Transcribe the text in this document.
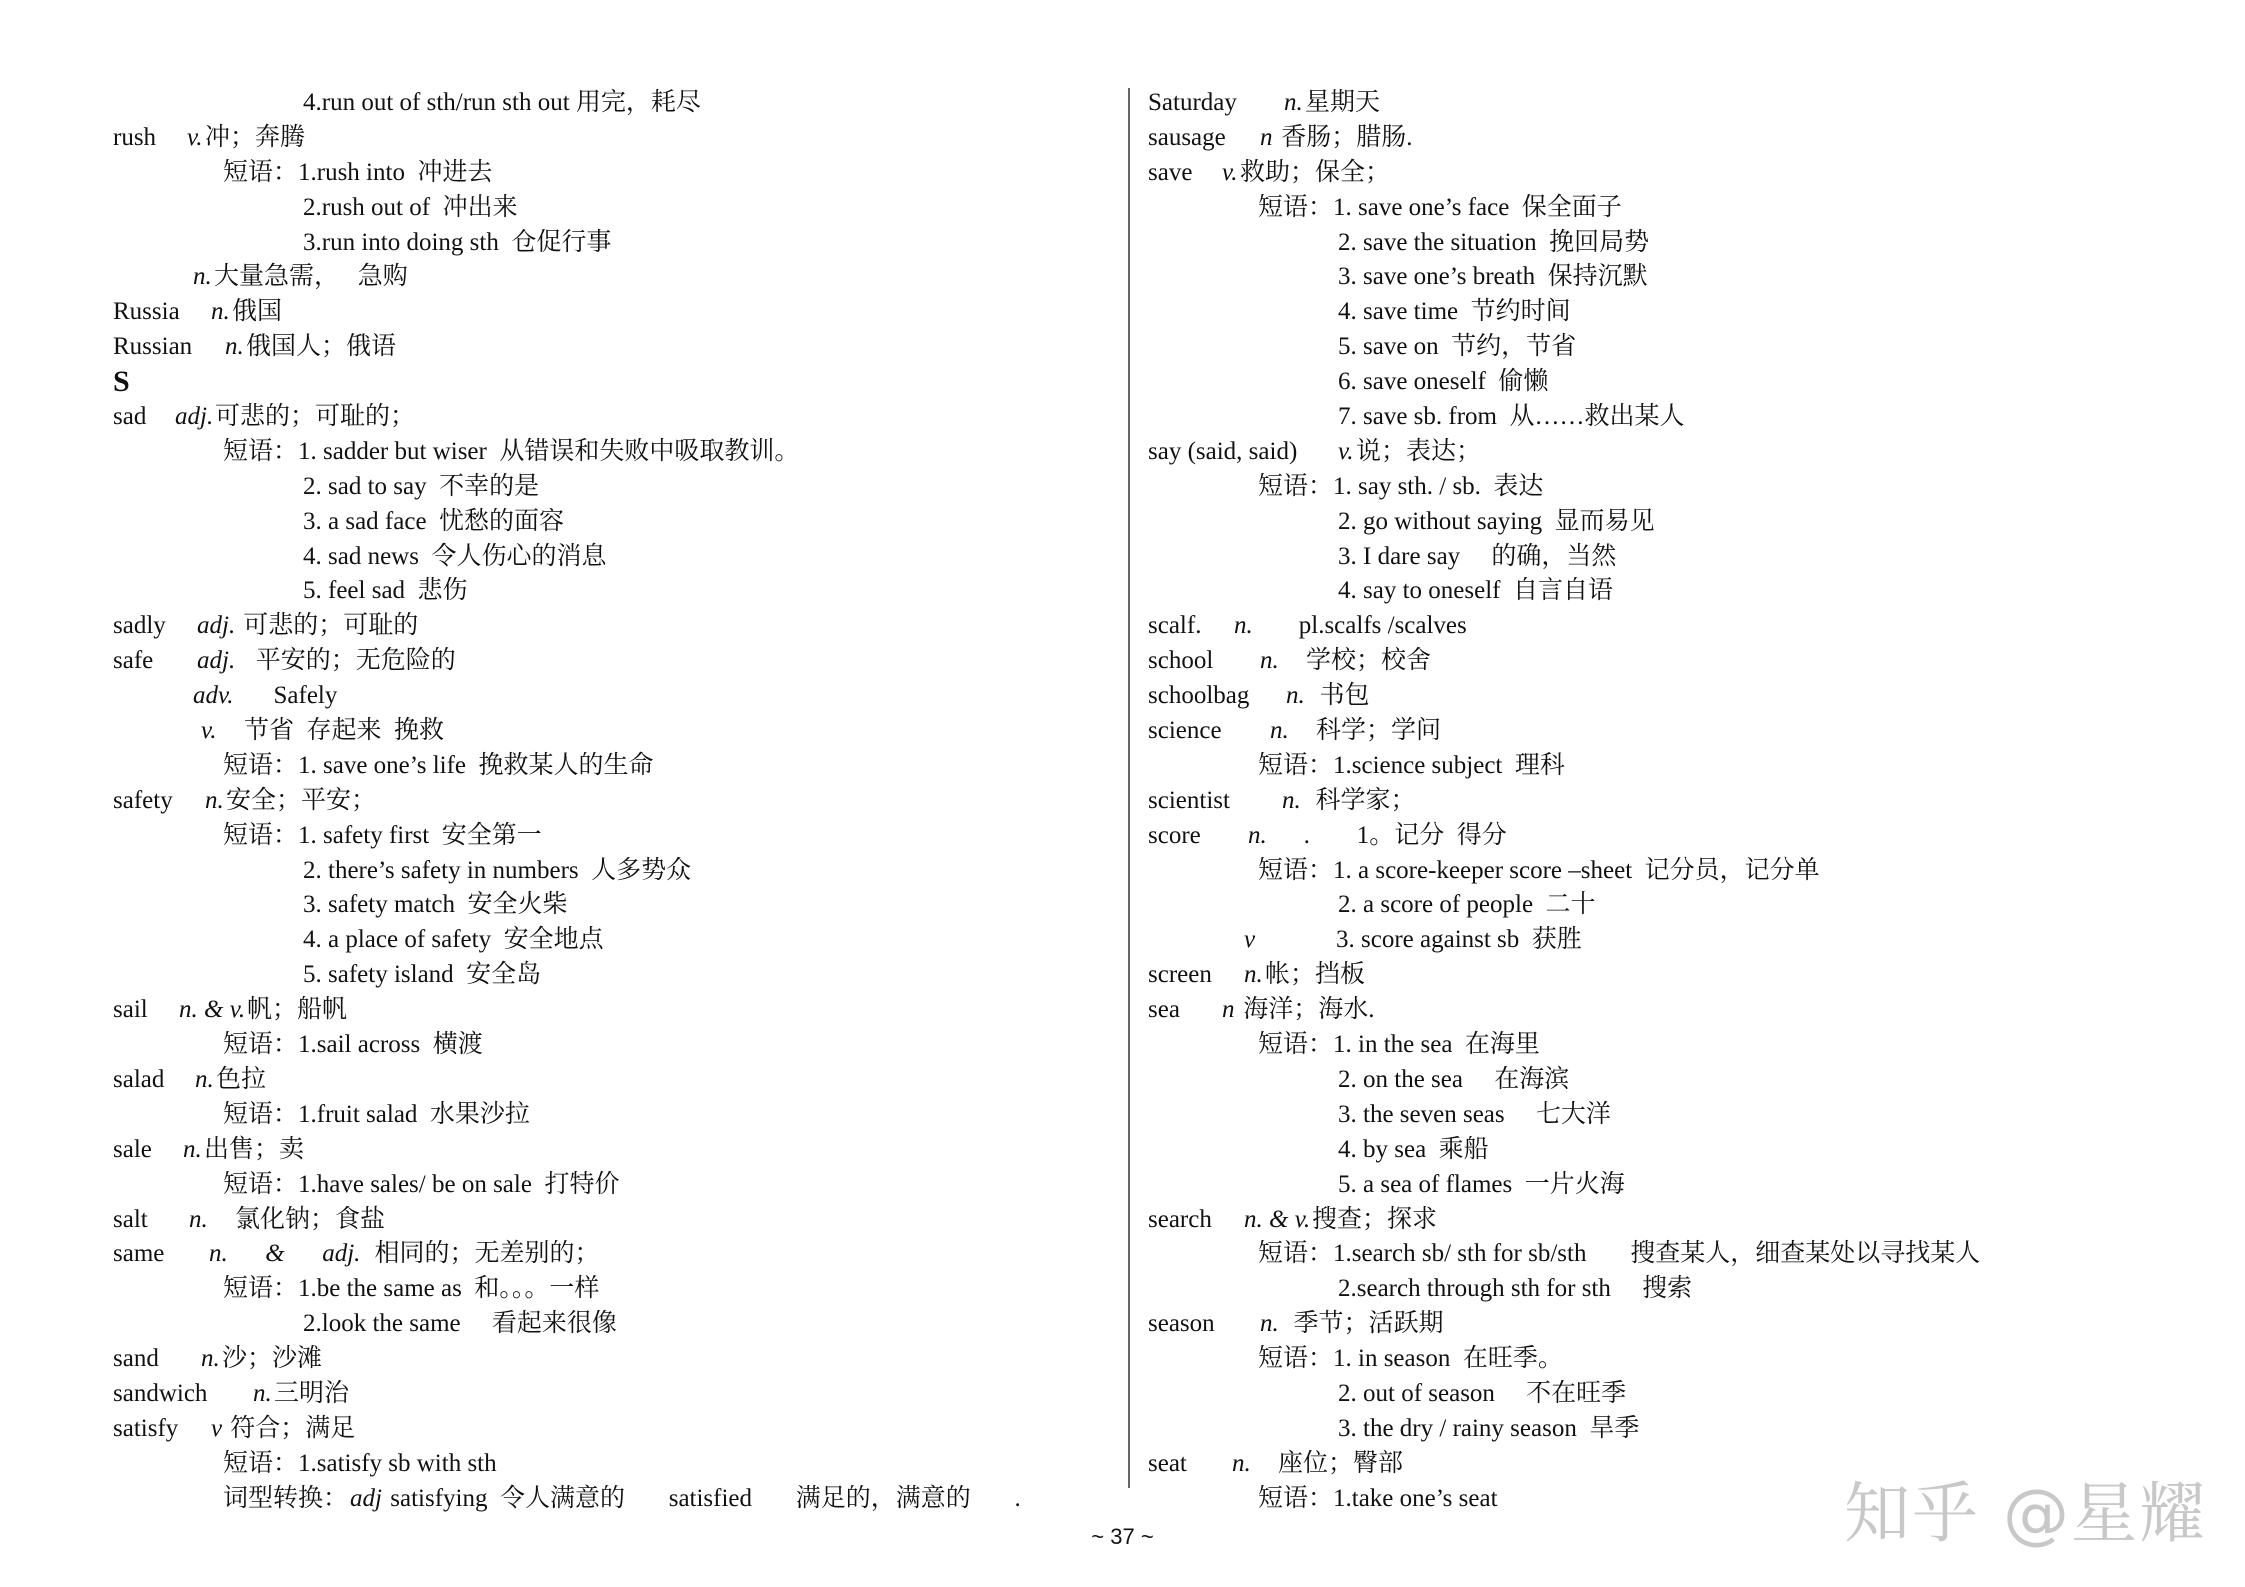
4.run out of sth/run sth out 用完，耗尽
rush v. 冲；奔腾
短语：1.rush into  冲进去
2.rush out of  冲出来
3.run into doing sth  仓促行事
n. 大量急需，   急购
Russia n. 俄国
Russian n. 俄国人；俄语
S
sad adj. 可悲的；可耻的；
短语：1. sadder but wiser  从错误和失败中吸取教训。
2. sad to say  不幸的是
3. a sad face  忧愁的面容
4. sad news  令人伤心的消息
5. feel sad  悲伤
sadly adj. 可悲的；可耻的
safe adj. 平安的；无危险的
adv. Safely
v. 节省  存起来  挽救
短语：1. save one’s life  挽救某人的生命
safety n. 安全；平安；
短语：1. safety first  安全第一
2. there’s safety in numbers  人多势众
3. safety match  安全火柴
4. a place of safety  安全地点
5. safety island  安全岛
sail n. & v. 帆；船帆
短语：1.sail across  横渡
salad n. 色拉
短语：1.fruit salad  水果沙拉
sale n. 出售；卖
短语：1.have sales/ be on sale  打特价
salt n. 氯化钠；食盐
same n.      &      adj. 相同的；无差别的；
短语：1.be the same as  和。。。一样
2.look the same     看起来很像
sand n. 沙；沙滩
sandwich n. 三明治
satisfy v 符合；满足
短语：1.satisfy sb with sth
词型转换： adj satisfying  令人满意的       satisfied       满足的，满意的       .
Saturday n. 星期天
sausage n 香肠；腊肠.
save v. 救助；保全；
短语：1. save one’s face  保全面子
2. save the situation  挽回局势
3. save one’s breath  保持沉默
4. save time  节约时间
5. save on  节约，节省
6. save oneself  偷懒
7. save sb. from  从……救出某人
say (said, said) v. 说；表达；
短语：1. say sth. / sb.  表达
2. go without saying  显而易见
3. I dare say     的确，当然
4. say to oneself  自言自语
scalf. n. pl.scalfs /scalves
school n. 学校；校舍
schoolbag n. 书包
science n. 科学；学问
短语：1.science subject  理科
scientist n. 科学家；
score n.      . 1。记分  得分
短语：1. a score-keeper score –sheet  记分员，记分单
2. a score of people  二十
v	3. score against sb  获胜
screen n. 帐；挡板
sea n 海洋；海水.
短语：1. in the sea  在海里
2. on the sea     在海滨
3. the seven seas     七大洋
4. by sea  乘船
5. a sea of flames  一片火海
search n. & v. 搜查；探求
短语：1.search sb/ sth for sb/sth       搜查某人，细查某处以寻找某人
2.search through sth for sth     搜索
season n. 季节；活跃期
短语：1. in season  在旺季。
2. out of season     不在旺季
3. the dry / rainy season  旱季
seat n. 座位；臀部
短语：1.take one’s seat
~ 37 ~	知乎 @星耀
